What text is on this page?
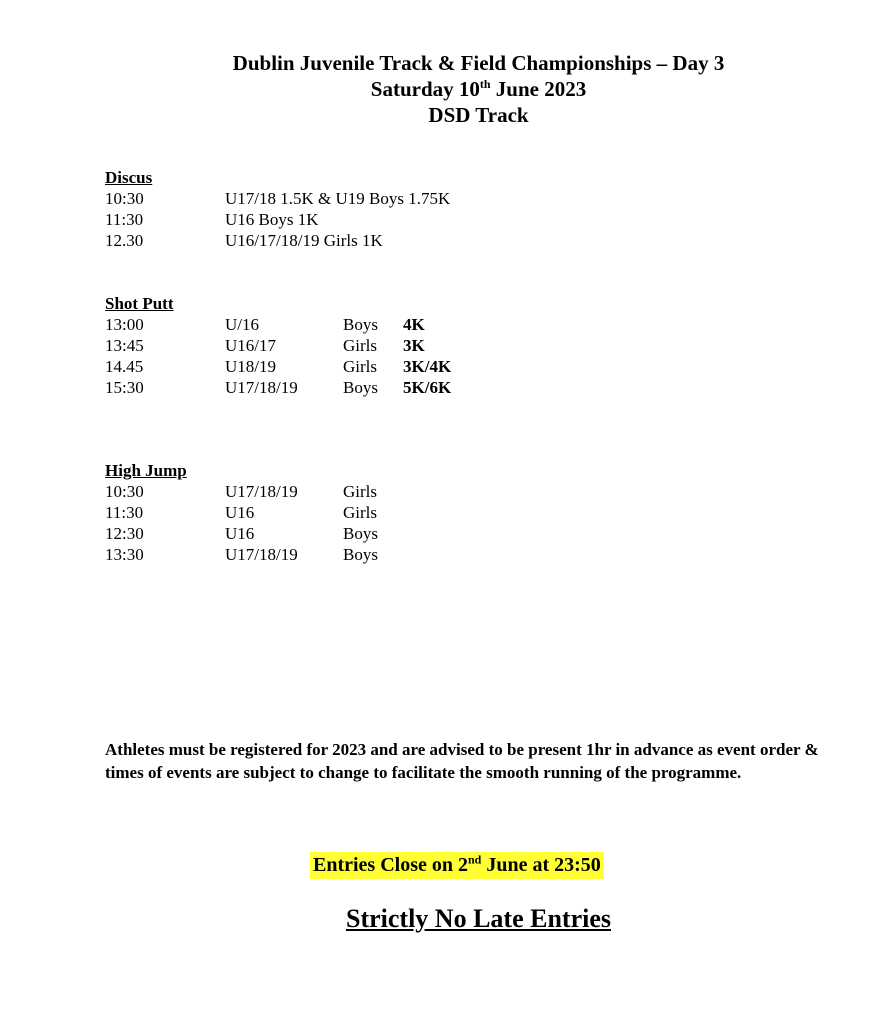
Dublin Juvenile Track & Field Championships – Day 3
Saturday 10th June 2023
DSD Track
Discus
10:30	U17/18 1.5K & U19 Boys 1.75K
11:30	U16 Boys 1K
12.30	U16/17/18/19 Girls 1K
Shot Putt
13:00	U/16	Boys 4K
13:45	U16/17	Girls 3K
14.45	U18/19	Girls 3K/4K
15:30	U17/18/19	Boys 5K/6K
High Jump
10:30	U17/18/19	Girls
11:30	U16	Girls
12:30	U16	Boys
13:30	U17/18/19	Boys
Athletes must be registered for 2023 and are advised to be present 1hr in advance as event order & times of events are subject to change to facilitate the smooth running of the programme.
Entries Close on 2nd June at 23:50
Strictly No Late Entries
